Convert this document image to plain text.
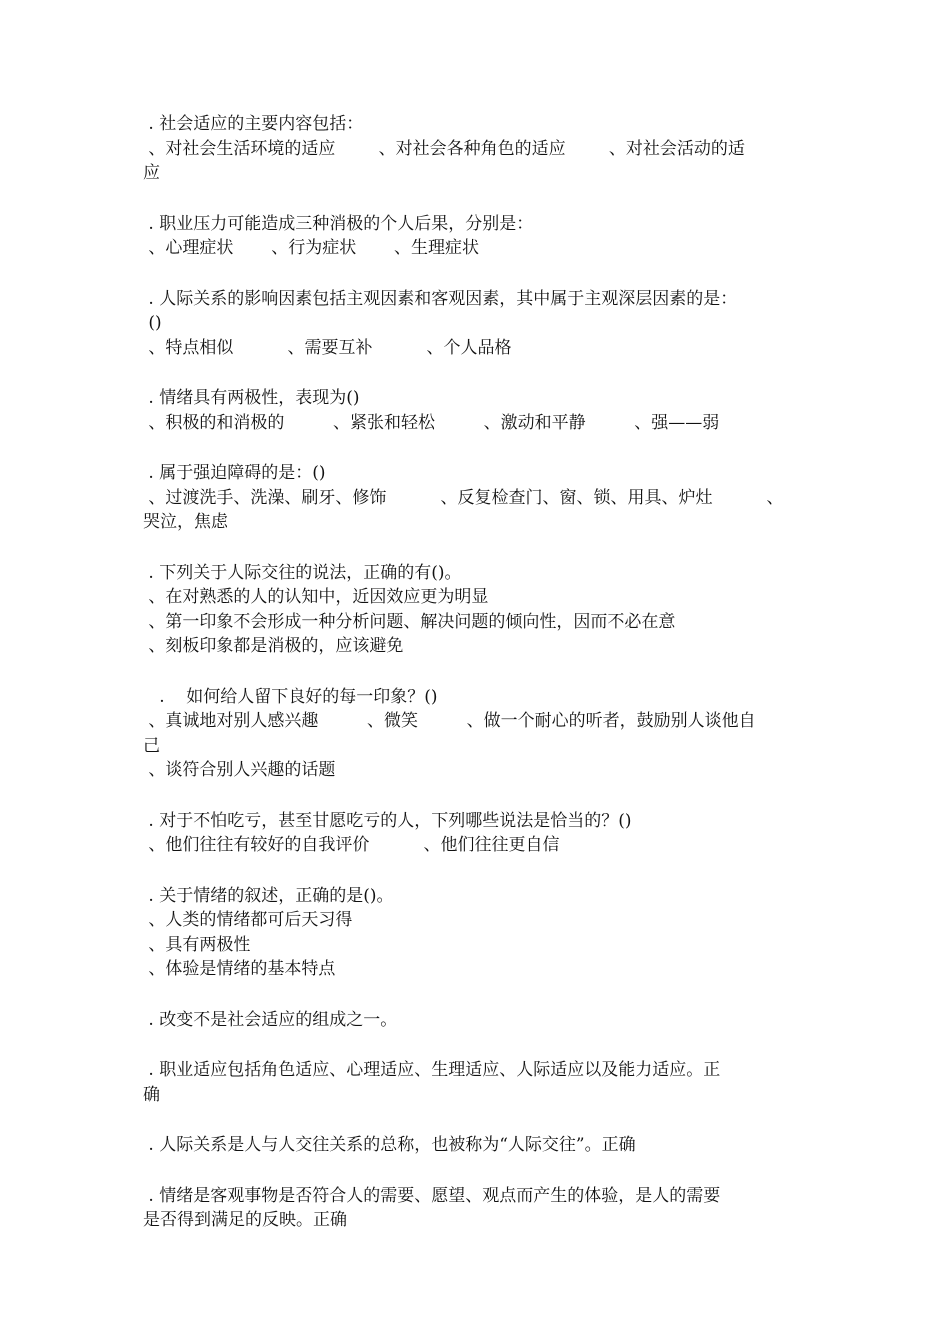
. 社会适应的主要内容包括：
、对社会生活环境的适应        、对社会各种角色的适应        、对社会活动的适
应
. 职业压力可能造成三种消极的个人后果，分别是：
、心理症状       、行为症状       、生理症状
. 人际关系的影响因素包括主观因素和客观因素，其中属于主观深层因素的是：
()
、特点相似          、需要互补          、个人品格
. 情绪具有两极性，表现为()
、积极的和消极的         、紧张和轻松         、激动和平静         、强——弱
. 属于强迫障碍的是：()
、过渡洗手、洗澡、刷牙、修饰          、反复检查门、窗、锁、用具、炉灶          、
哭泣，焦虑
. 下列关于人际交往的说法，正确的有()。
、在对熟悉的人的认知中，近因效应更为明显
、第一印象不会形成一种分析问题、解决问题的倾向性，因而不必在意
、刻板印象都是消极的，应该避免
.    如何给人留下良好的每一印象？()
、真诚地对别人感兴趣         、微笑         、做一个耐心的听者，鼓励别人谈他自
己
、谈符合别人兴趣的话题
. 对于不怕吃亏，甚至甘愿吃亏的人，下列哪些说法是恰当的？()
、他们往往有较好的自我评价          、他们往往更自信
. 关于情绪的叙述，正确的是()。
、人类的情绪都可后天习得
、具有两极性
、体验是情绪的基本特点
. 改变不是社会适应的组成之一。
. 职业适应包括角色适应、心理适应、生理适应、人际适应以及能力适应。正
确
. 人际关系是人与人交往关系的总称，也被称为“人际交往”。正确
. 情绪是客观事物是否符合人的需要、愿望、观点而产生的体验，是人的需要
是否得到满足的反映。正确
